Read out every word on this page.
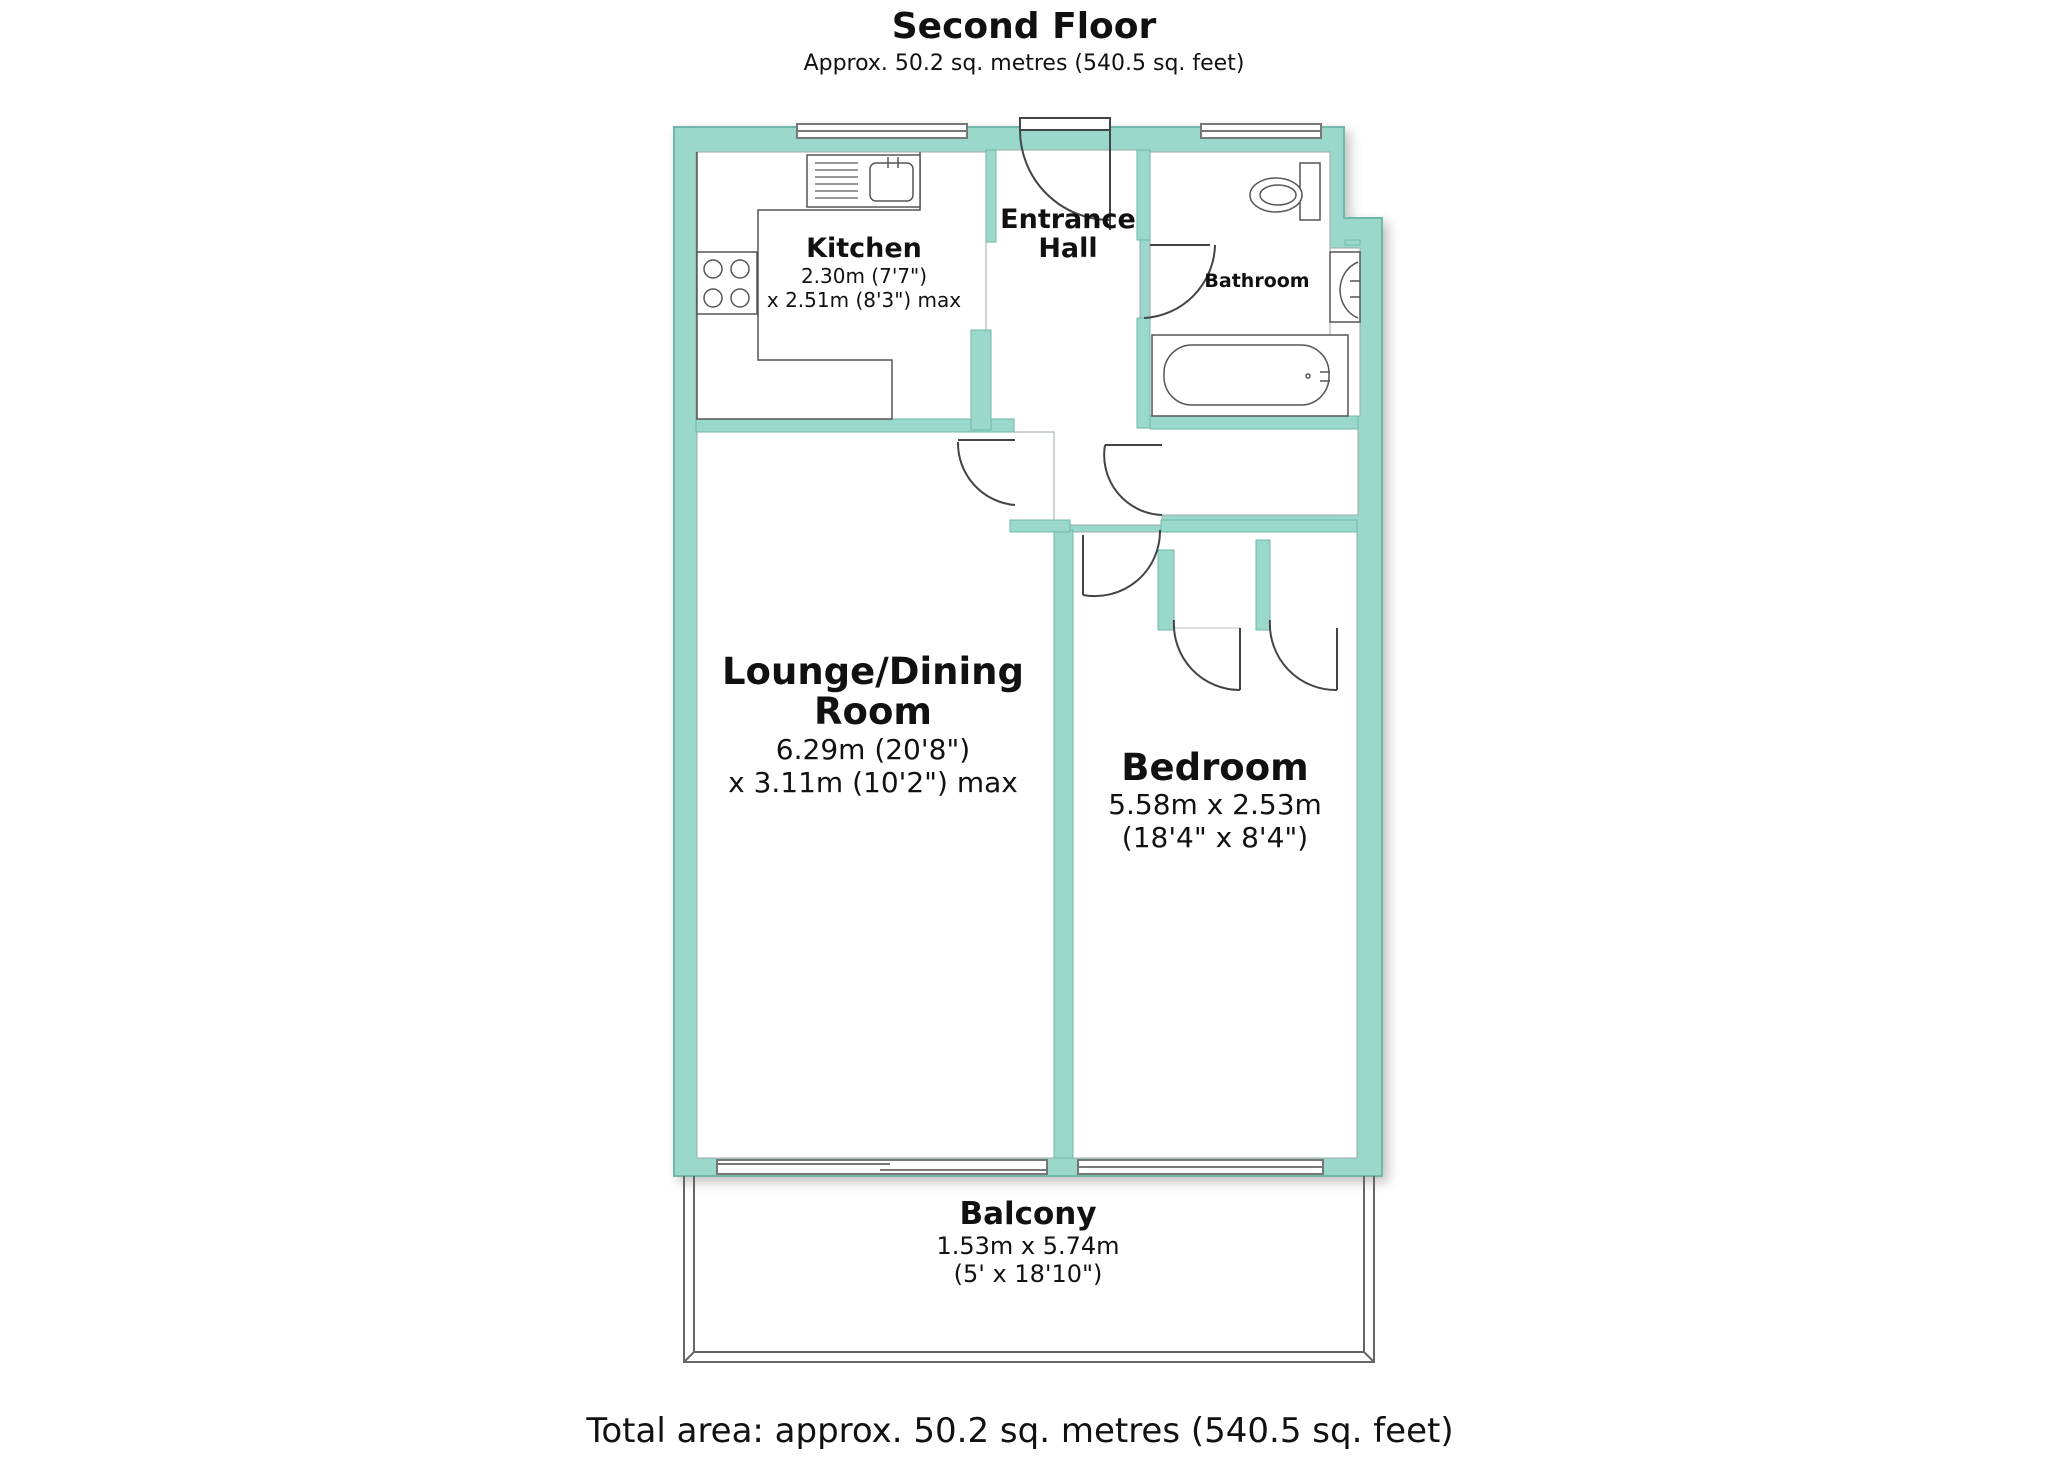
Second Floor
Approx. 50.2 sq. metres (540.5 sq. feet)
Kitchen
2.30m (7'7")
x 2.51m (8'3") max
Entrance
Hall
Bathroom
Lounge/Dining
Room
6.29m (20'8")
x 3.11m (10'2") max	Bedroom
5.58m x 2.53m
(18'4" x 8'4")
Balcony
1.53m x 5.74m
(5' x 18'10")
Total area: approx. 50.2 sq. metres (540.5 sq. feet)
